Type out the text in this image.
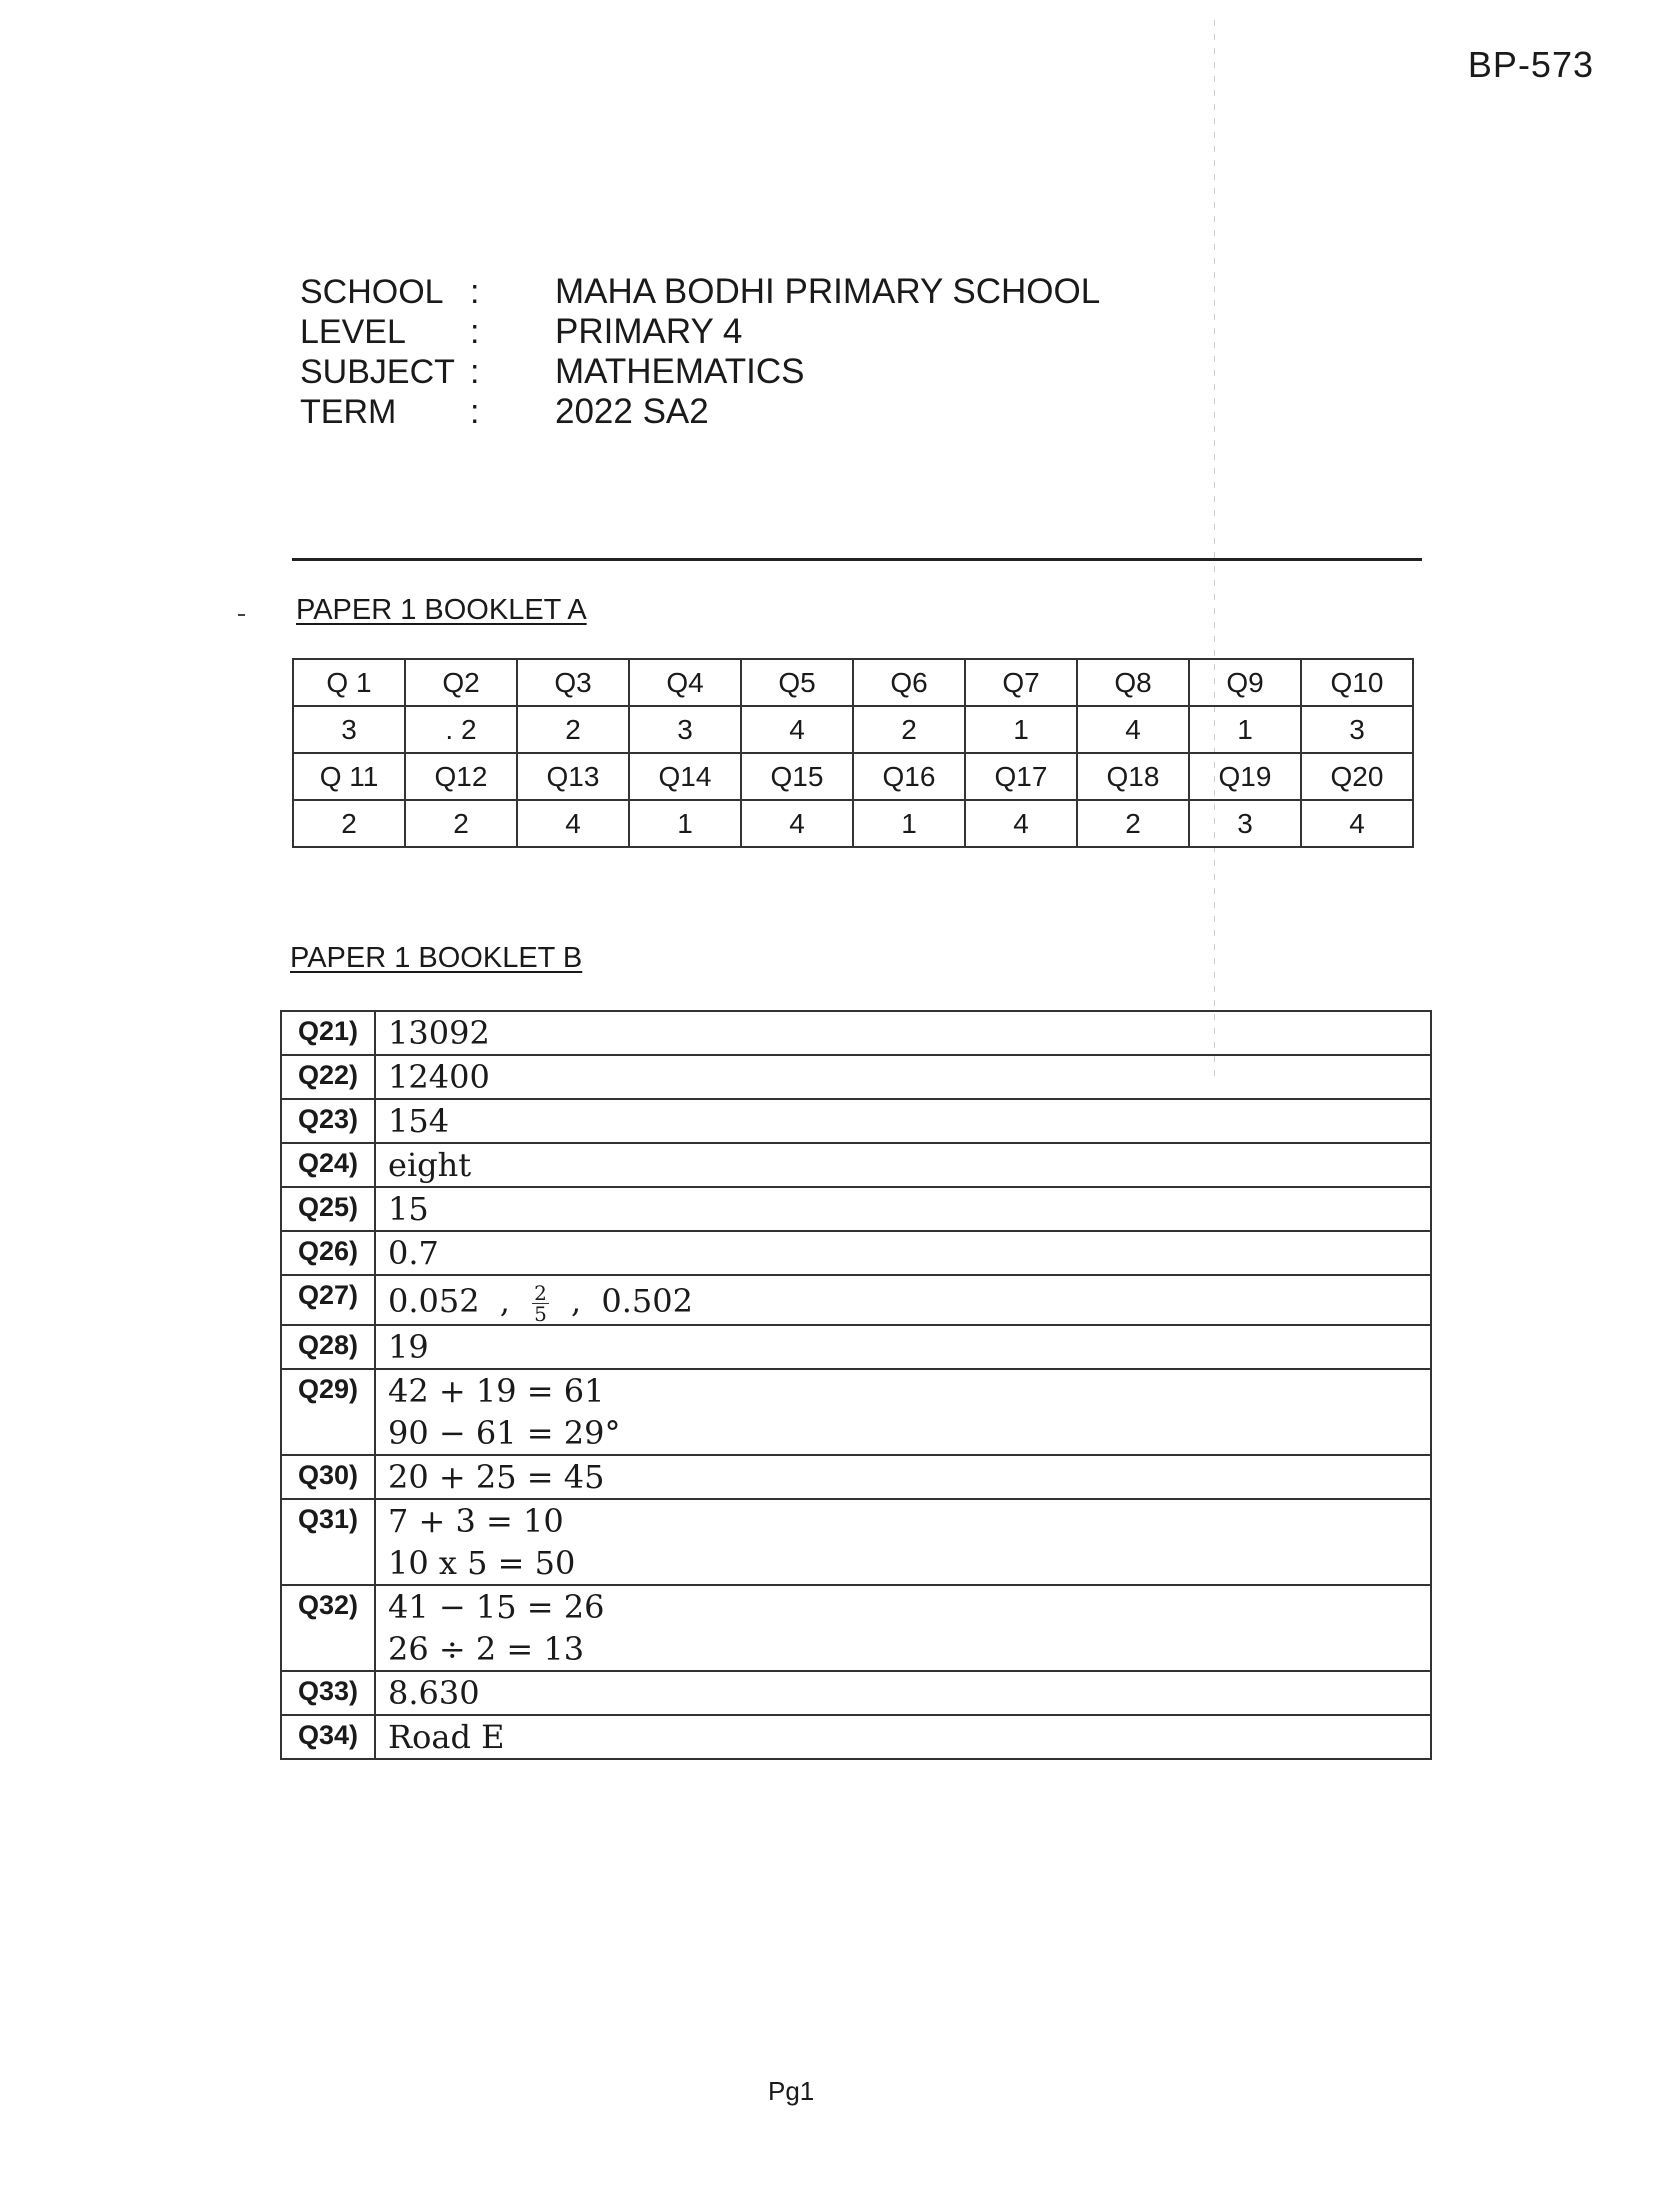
BP-573
SCHOOL :	MAHA BODHI PRIMARY SCHOOL
LEVEL	:	PRIMARY 4
SUBJECT :	MATHEMATICS
TERM	:	2022 SA2
PAPER 1 BOOKLET A
Q 1	Q2	Q3	Q4	Q5	Q6	Q7	Q8	Q9	Q10
3	. 2	2	3	4	2	1	4	1	3
Q 11	Q12	Q13	Q14	Q15	Q16	Q17	Q18	Q19	Q20
2	2	4	1	4	1	4	2	3	4
PAPER 1 BOOKLET B
Q21)	13092
Q22)	12400
Q23)	154
Q24)	eight
Q25)	15
Q26)	0.7
Q27)	0.052 , $\frac{2}{5}$ , 0.502
Q28)	19
Q29)	42 + 19 = 61
90 − 61 = 29°

Q30)	20 + 25 = 45
Q31)	7 + 3 = 10
10 x 5 = 50

Q32)	41 − 15 = 26
26 ÷ 2 = 13

Q33)	8.630
Q34)	Road E
Pg1
